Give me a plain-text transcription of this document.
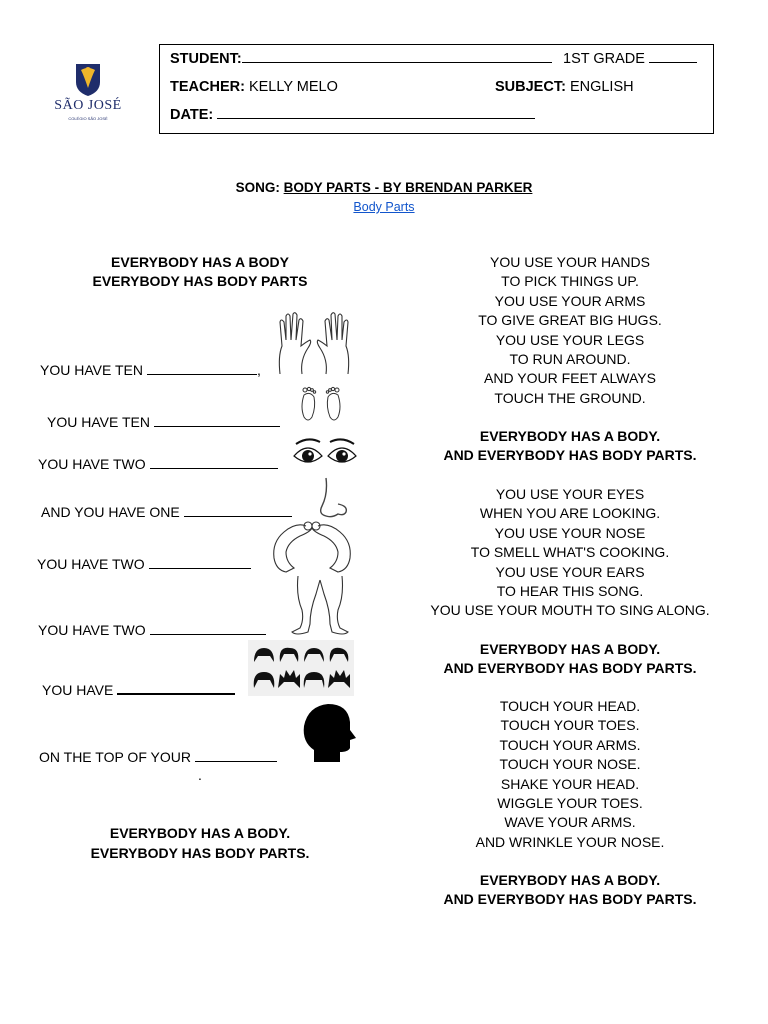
SÃO JOSÉ
COLÉGIO SÃO JOSÉ
STUDENT:	1ST GRADE
TEACHER: KELLY MELO	SUBJECT: ENGLISH
DATE:
SONG: BODY PARTS - BY BRENDAN PARKER
Body Parts
EVERYBODY HAS A BODY
EVERYBODY HAS BODY PARTS
YOU HAVE TEN	,
YOU HAVE TEN
YOU HAVE TWO
AND YOU HAVE ONE
YOU HAVE TWO
YOU HAVE TWO
YOU HAVE
ON THE TOP OF YOUR
.
EVERYBODY HAS A BODY.
EVERYBODY HAS BODY PARTS.
YOU USE YOUR HANDS
TO PICK THINGS UP.
YOU USE YOUR ARMS
TO GIVE GREAT BIG HUGS.
YOU USE YOUR LEGS
TO RUN AROUND.
AND YOUR FEET ALWAYS
TOUCH THE GROUND.
EVERYBODY HAS A BODY.
AND EVERYBODY HAS BODY PARTS.
YOU USE YOUR EYES
WHEN YOU ARE LOOKING.
YOU USE YOUR NOSE
TO SMELL WHAT'S COOKING.
YOU USE YOUR EARS
TO HEAR THIS SONG.
YOU USE YOUR MOUTH TO SING ALONG.
EVERYBODY HAS A BODY.
AND EVERYBODY HAS BODY PARTS.
TOUCH YOUR HEAD.
TOUCH YOUR TOES.
TOUCH YOUR ARMS.
TOUCH YOUR NOSE.
SHAKE YOUR HEAD.
WIGGLE YOUR TOES.
WAVE YOUR ARMS.
AND WRINKLE YOUR NOSE.
EVERYBODY HAS A BODY.
AND EVERYBODY HAS BODY PARTS.
